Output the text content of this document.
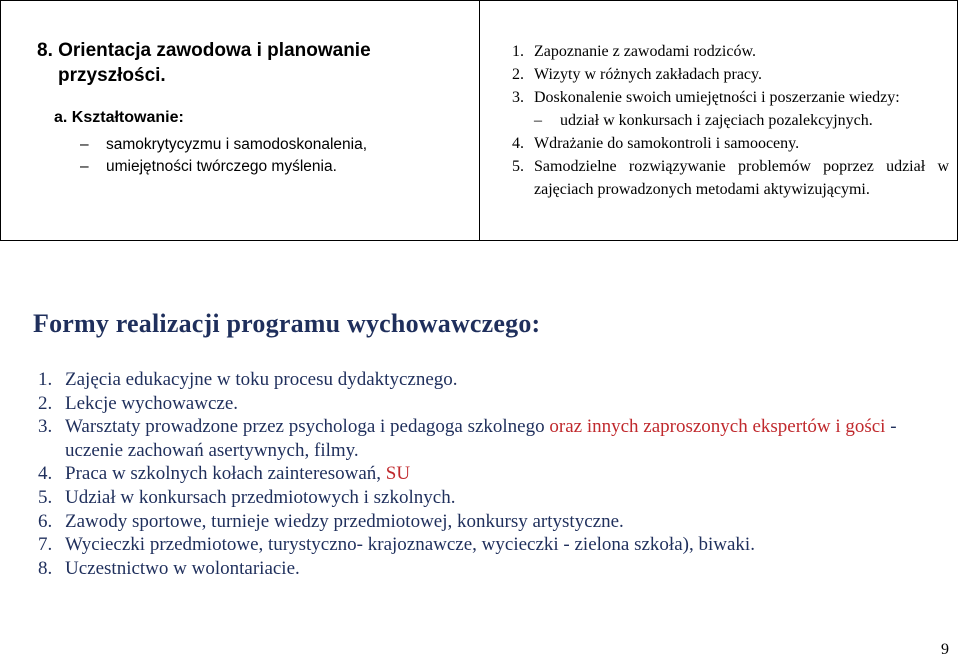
8. Orientacja zawodowa i planowanie przyszłości.

a. Kształtowanie:

– samokrytycyzmu i samodoskonalenia,
– umiejętności twórczego myślenia.
1. Zapoznanie z zawodami rodziców.
2. Wizyty w różnych zakładach pracy.
3. Doskonalenie swoich umiejętności i poszerzanie wiedzy:
– udział w konkursach i zajęciach pozalekcyjnych.
4. Wdrażanie do samokontroli i samooceny.
5. Samodzielne rozwiązywanie problemów poprzez udział w zajęciach prowadzonych metodami aktywizującymi.
Formy realizacji programu wychowawczego:
1. Zajęcia edukacyjne w toku procesu dydaktycznego.
2. Lekcje wychowawcze.
3. Warsztaty prowadzone przez psychologa i pedagoga szkolnego oraz innych zaproszonych ekspertów i gości - uczenie zachowań asertywnych, filmy.
4. Praca w szkolnych kołach zainteresowań, SU
5. Udział w konkursach przedmiotowych i szkolnych.
6. Zawody sportowe, turnieje wiedzy przedmiotowej, konkursy artystyczne.
7. Wycieczki przedmiotowe, turystyczno- krajoznawcze, wycieczki - zielona szkoła), biwaki.
8. Uczestnictwo w wolontariacie.
9
